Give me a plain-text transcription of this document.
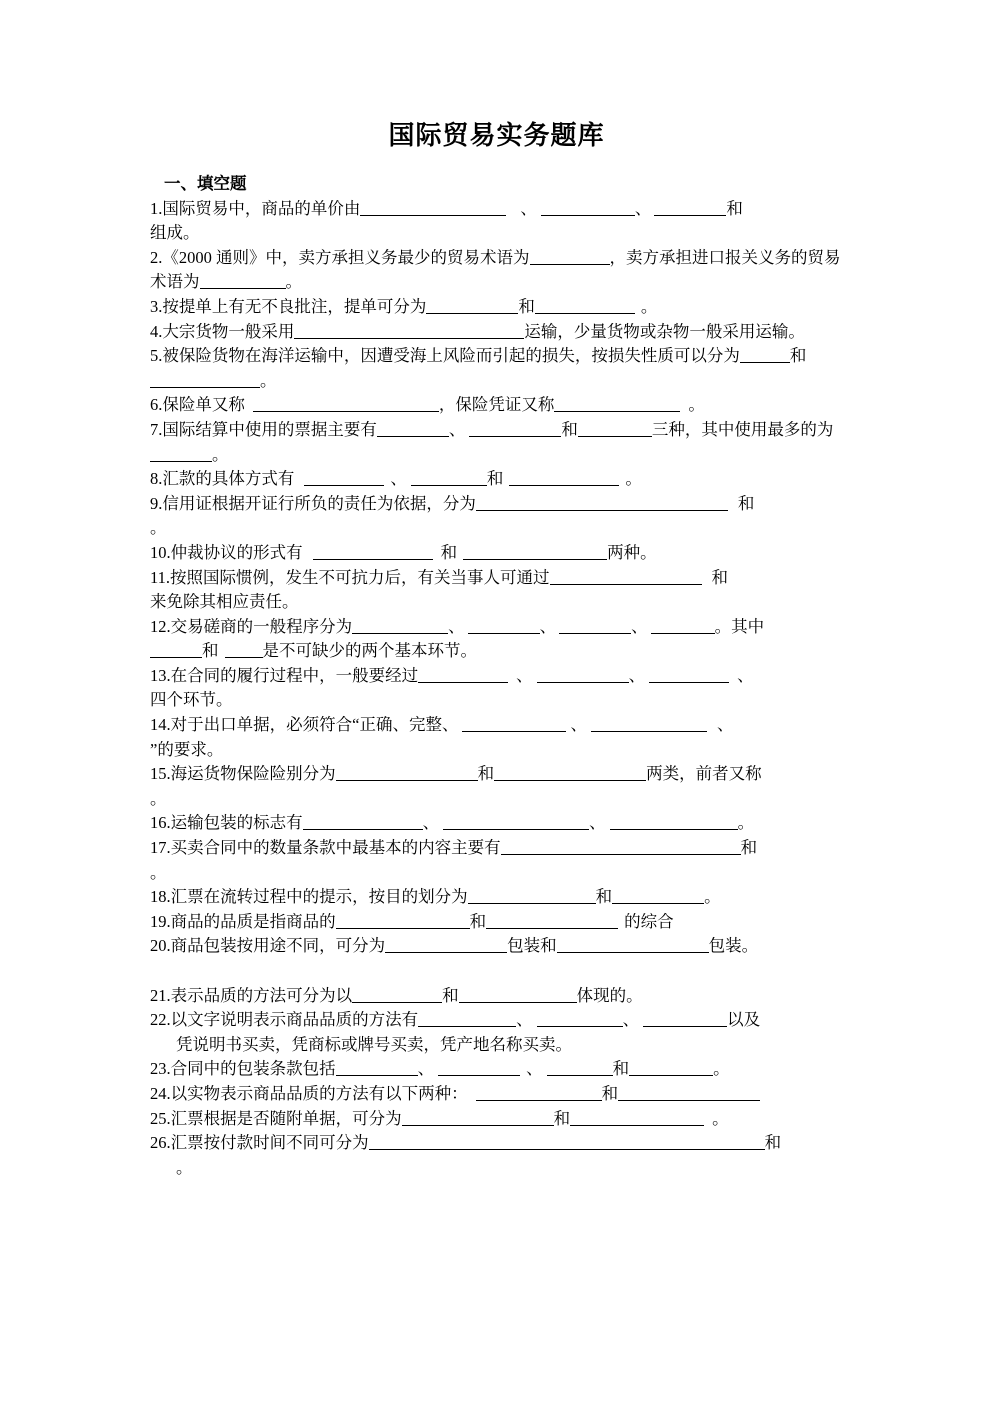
国际贸易实务题库
一、填空题

1.国际贸易中，商品的单价由	、	、	和
组成。

2.《2000 通则》中，卖方承担义务最少的贸易术语为	，卖方承担进口报关义务的贸易术语为	。

3.按提单上有无不良批注，提单可分为	和	。

4.大宗货物一般采用	运输，少量货物或杂物一般采用运输。

5.被保险货物在海洋运输中，因遭受海上风险而引起的损失，按损失性质可以分为	和。

6.保险单又称	，保险凭证又称	。

7.国际结算中使用的票据主要有	、	和	三种，其中使用最多的为。

8.汇款的具体方式有	、	和	。

9.信用证根据开证行所负的责任为依据，分为	和
。

10.仲裁协议的形式有	和	两种。

11.按照国际惯例，发生不可抗力后，有关当事人可通过	和
来免除其相应责任。

12.交易磋商的一般程序分为	、	、	、	。其中
和	是不可缺少的两个基本环节。

13.在合同的履行过程中，一般要经过	、	、	、
四个环节。

14.对于出口单据，必须符合“正确、完整、	、	、
”的要求。

15.海运货物保险险别分为	和	两类，前者又称
。

16.运输包装的标志有	、	、	。

17.买卖合同中的数量条款中最基本的内容主要有	和
。

18.汇票在流转过程中的提示，按目的划分为	和	。

19.商品的品质是指商品的	和	的综合

20.商品包装按用途不同，可分为	包装和	包装。

21.表示品质的方法可分为以	和	体现的。

22.以文字说明表示商品品质的方法有	、	、	以及
凭说明书买卖，凭商标或牌号买卖，凭产地名称买卖。

23.合同中的包装条款包括	、	、	和	。

24.以实物表示商品品质的方法有以下两种：	和

25.汇票根据是否随附单据，可分为	和	。

26.汇票按付款时间不同可分为	和
。
